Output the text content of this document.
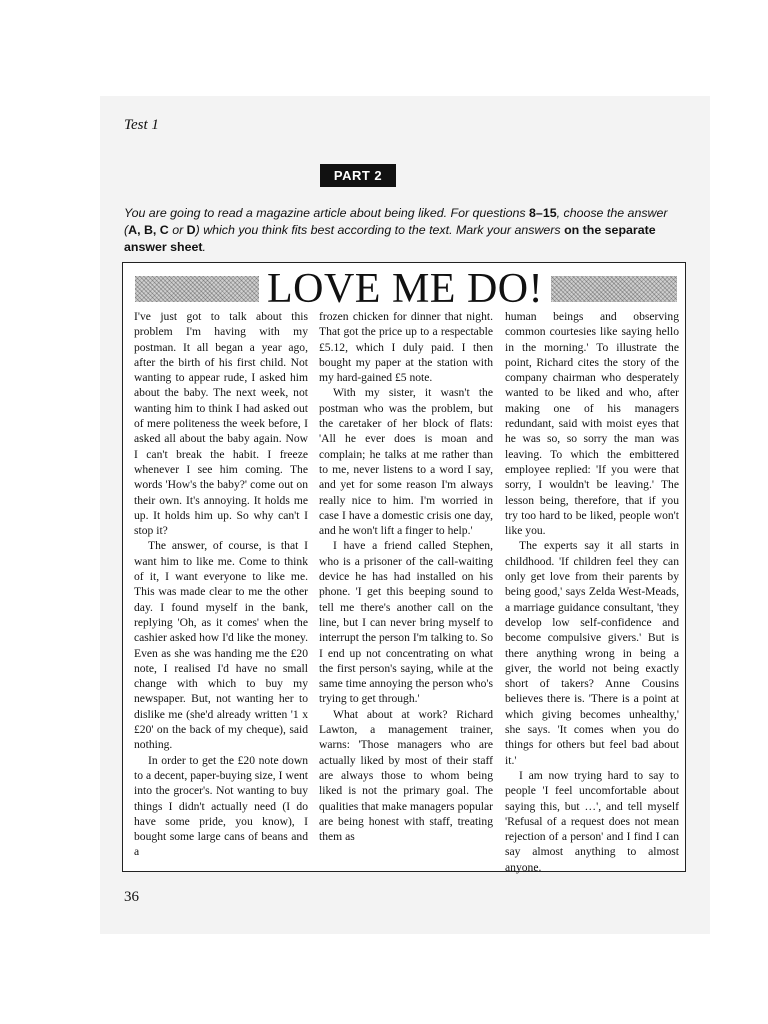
Test 1
PART 2
You are going to read a magazine article about being liked. For questions 8–15, choose the answer (A, B, C or D) which you think fits best according to the text. Mark your answers on the separate answer sheet.
LOVE ME DO!

I've just got to talk about this problem I'm having with my postman. It all began a year ago, after the birth of his first child. Not wanting to appear rude, I asked him about the baby. The next week, not wanting him to think I had asked out of mere politeness the week before, I asked all about the baby again. Now I can't break the habit. I freeze whenever I see him coming. The words 'How's the baby?' come out on their own. It's annoying. It holds me up. It holds him up. So why can't I stop it?

The answer, of course, is that I want him to like me. Come to think of it, I want everyone to like me. This was made clear to me the other day. I found myself in the bank, replying 'Oh, as it comes' when the cashier asked how I'd like the money. Even as she was handing me the £20 note, I realised I'd have no small change with which to buy my newspaper. But, not wanting her to dislike me (she'd already written '1 x £20' on the back of my cheque), said nothing.

In order to get the £20 note down to a decent, paper-buying size, I went into the grocer's. Not wanting to buy things I didn't actually need (I do have some pride, you know), I bought some large cans of beans and a

frozen chicken for dinner that night. That got the price up to a respectable £5.12, which I duly paid. I then bought my paper at the station with my hard-gained £5 note.

With my sister, it wasn't the postman who was the problem, but the caretaker of her block of flats: 'All he ever does is moan and complain; he talks at me rather than to me, never listens to a word I say, and yet for some reason I'm always really nice to him. I'm worried in case I have a domestic crisis one day, and he won't lift a finger to help.'

I have a friend called Stephen, who is a prisoner of the call-waiting device he has had installed on his phone. 'I get this beeping sound to tell me there's another call on the line, but I can never bring myself to interrupt the person I'm talking to. So I end up not concentrating on what the first person's saying, while at the same time annoying the person who's trying to get through.'

What about at work? Richard Lawton, a management trainer, warns: 'Those managers who are actually liked by most of their staff are always those to whom being liked is not the primary goal. The qualities that make managers popular are being honest with staff, treating them as

human beings and observing common courtesies like saying hello in the morning.' To illustrate the point, Richard cites the story of the company chairman who desperately wanted to be liked and who, after making one of his managers redundant, said with moist eyes that he was so, so sorry the man was leaving. To which the embittered employee replied: 'If you were that sorry, I wouldn't be leaving.' The lesson being, therefore, that if you try too hard to be liked, people won't like you.

The experts say it all starts in childhood. 'If children feel they can only get love from their parents by being good,' says Zelda West-Meads, a marriage guidance consultant, 'they develop low self-confidence and become compulsive givers.' But is there anything wrong in being a giver, the world not being exactly short of takers? Anne Cousins believes there is. 'There is a point at which giving becomes unhealthy,' she says. 'It comes when you do things for others but feel bad about it.'

I am now trying hard to say to people 'I feel uncomfortable about saying this, but …', and tell myself 'Refusal of a request does not mean rejection of a person' and I find I can say almost anything to almost anyone.

36
